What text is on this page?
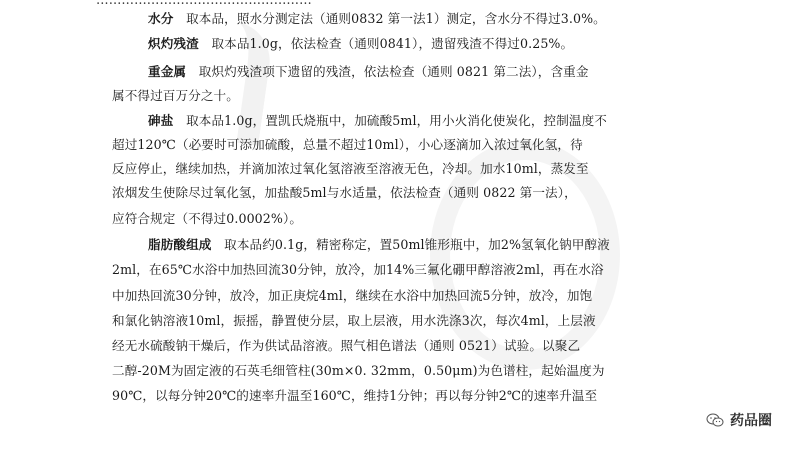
水分　取本品，照水分测定法（通则0832 第一法1）测定，含水分不得过3.0%。
炽灼残渣　取本品1.0g，依法检查（通则0841），遗留残渣不得过0.25%。
重金属　取炽灼残渣项下遗留的残渣，依法检查（通则 0821 第二法），含重金
属不得过百万分之十。
砷盐　取本品1.0g，置凯氏烧瓶中，加硫酸5ml，用小火消化使炭化，控制温度不
超过120℃（必要时可添加硫酸，总量不超过10ml），小心逐滴加入浓过氧化氢，待
反应停止，继续加热，并滴加浓过氧化氢溶液至溶液无色，冷却。加水10ml，蒸发至
浓烟发生使除尽过氧化氢，加盐酸5ml与水适量，依法检查（通则 0822 第一法），
应符合规定（不得过0.0002%）。
脂肪酸组成　取本品约0.1g，精密称定，置50ml锥形瓶中，加2%氢氧化钠甲醇液
2ml，在65℃水浴中加热回流30分钟，放冷，加14%三氟化硼甲醇溶液2ml，再在水浴
中加热回流30分钟，放冷，加正庚烷4ml，继续在水浴中加热回流5分钟，放冷，加饱
和氯化钠溶液10ml，振摇，静置使分层，取上层液，用水洗涤3次，每次4ml，上层液
经无水硫酸钠干燥后，作为供试品溶液。照气相色谱法（通则 0521）试验。以聚乙
二醇-20M为固定液的石英毛细管柱(30m×0. 32mm，0.50μm)为色谱柱，起始温度为
90℃，以每分钟20℃的速率升温至160℃，维持1分钟；再以每分钟2℃的速率升温至
药品圈
